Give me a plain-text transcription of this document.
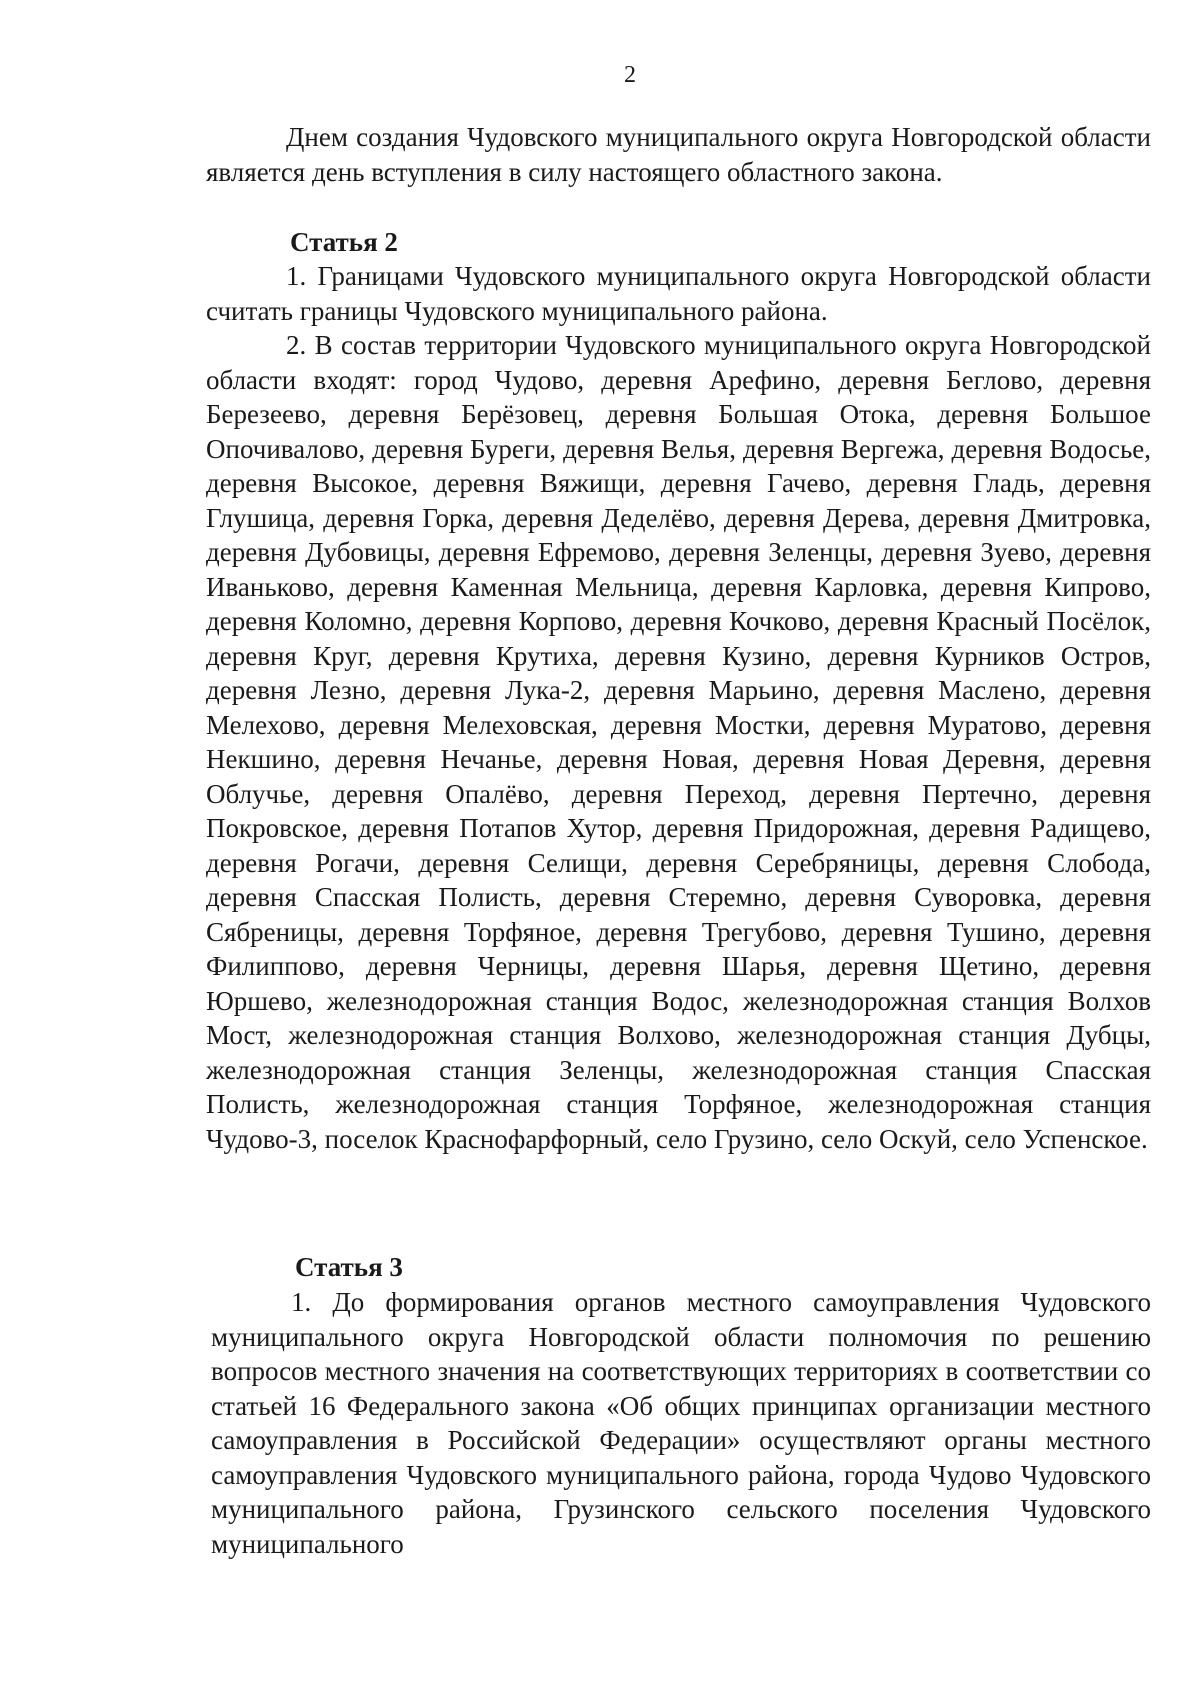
2

Днем создания Чудовского муниципального округа Новгородской области является день вступления в силу настоящего областного закона.

Статья 2

1. Границами Чудовского муниципального округа Новгородской области считать границы Чудовского муниципального района.

2. В состав территории Чудовского муниципального округа Новгородской области входят: город Чудово, деревня Арефино, деревня Беглово, деревня Березеево, деревня Берёзовец, деревня Большая Отока, деревня Большое Опочивалово, деревня Буреги, деревня Велья, деревня Вергежа, деревня Водосье, деревня Высокое, деревня Вяжищи, деревня Гачево, деревня Гладь, деревня Глушица, деревня Горка, деревня Деделёво, деревня Дерева, деревня Дмитровка, деревня Дубовицы, деревня Ефремово, деревня Зеленцы, деревня Зуево, деревня Иваньково, деревня Каменная Мельница, деревня Карловка, деревня Кипрово, деревня Коломно, деревня Корпово, деревня Кочково, деревня Красный Посёлок, деревня Круг, деревня Крутиха, деревня Кузино, деревня Курников Остров, деревня Лезно, деревня Лука-2, деревня Марьино, деревня Маслено, деревня Мелехово, деревня Мелеховская, деревня Мостки, деревня Муратово, деревня Некшино, деревня Нечанье, деревня Новая, деревня Новая Деревня, деревня Облучье, деревня Опалёво, деревня Переход, деревня Пертечно, деревня Покровское, деревня Потапов Хутор, деревня Придорожная, деревня Радищево, деревня Рогачи, деревня Селищи, деревня Серебряницы, деревня Слобода, деревня Спасская Полисть, деревня Стеремно, деревня Суворовка, деревня Сябреницы, деревня Торфяное, деревня Трегубово, деревня Тушино, деревня Филиппово, деревня Черницы, деревня Шарья, деревня Щетино, деревня Юршево, железнодорожная станция Водос, железнодорожная станция Волхов Мост, железнодорожная станция Волхово, железнодорожная станция Дубцы, железнодорожная станция Зеленцы, железнодорожная станция Спасская Полисть, железнодорожная станция Торфяное, железнодорожная станция Чудово-3, поселок Краснофарфорный, село Грузино, село Оскуй, село Успенское.

Статья 3

1. До формирования органов местного самоуправления Чудовского муниципального округа Новгородской области полномочия по решению вопросов местного значения на соответствующих территориях в соответствии со статьей 16 Федерального закона «Об общих принципах организации местного самоуправления в Российской Федерации» осуществляют органы местного самоуправления Чудовского муниципального района, города Чудово Чудовского муниципального района, Грузинского сельского поселения Чудовского муниципального
